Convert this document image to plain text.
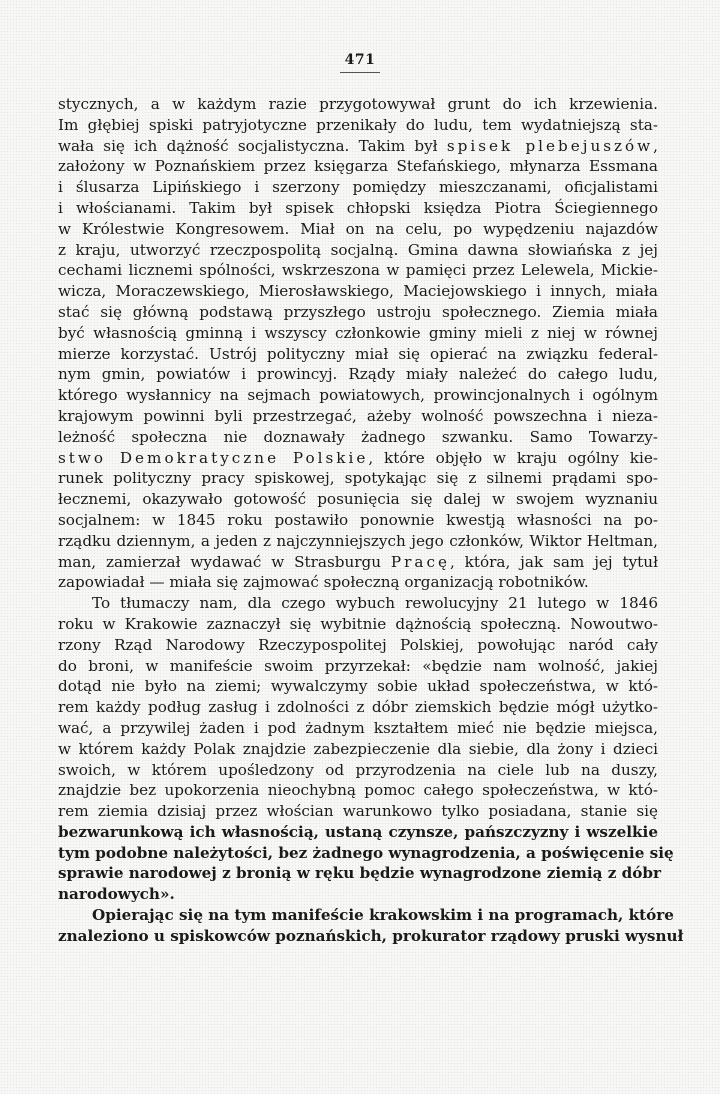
471
stycznych, a w każdym razie przygotowywał grunt do ich krzewienia.
Im głębiej spiski patryjotyczne przenikały do ludu, tem wydatniejszą sta-
wała się ich dążność socjalistyczna. Takim był spisek plebejuszów,
założony w Poznańskiem przez księgarza Stefańskiego, młynarza Essmana
i ślusarza Lipińskiego i szerzony pomiędzy mieszczanami, oficjalistami
i włościanami. Takim był spisek chłopski księdza Piotra Ściegiennego
w Królestwie Kongresowem. Miał on na celu, po wypędzeniu najazdów
z kraju, utworzyć rzeczpospolitą socjalną. Gmina dawna słowiańska z jej
cechami licznemi spólności, wskrzeszona w pamięci przez Lelewela, Mickie-
wicza, Moraczewskiego, Mierosławskiego, Maciejowskiego i innych, miała
stać się główną podstawą przyszłego ustroju społecznego. Ziemia miała
być własnością gminną i wszyscy członkowie gminy mieli z niej w równej
mierze korzystać. Ustrój polityczny miał się opierać na związku federal-
nym gmin, powiatów i prowincyj. Rządy miały należeć do całego ludu,
którego wysłannicy na sejmach powiatowych, prowincjonalnych i ogólnym
krajowym powinni byli przestrzegać, ażeby wolność powszechna i nieza-
leżność społeczna nie doznawały żadnego szwanku. Samo Towarzy-
stwo Demokratyczne Polskie, które objęło w kraju ogólny kie-
runek polityczny pracy spiskowej, spotykając się z silnemi prądami spo-
łecznemi, okazywało gotowość posunięcia się dalej w swojem wyznaniu
socjalnem: w 1845 roku postawiło ponownie kwestją własności na po-
rządku dziennym, a jeden z najczynniejszych jego członków, Wiktor Heltman,
man, zamierzał wydawać w Strasburgu Pracę, która, jak sam jej tytuł
zapowiadał — miała się zajmować społeczną organizacją robotników.
To tłumaczy nam, dla czego wybuch rewolucyjny 21 lutego w 1846
roku w Krakowie zaznaczył się wybitnie dążnością społeczną. Nowoutwo-
rzony Rząd Narodowy Rzeczypospolitej Polskiej, powołując naród cały
do broni, w manifeście swoim przyrzekał: «będzie nam wolność, jakiej
dotąd nie było na ziemi; wywalczymy sobie układ społeczeństwa, w któ-
rem każdy podług zasług i zdolności z dóbr ziemskich będzie mógł użytko-
wać, a przywilej żaden i pod żadnym kształtem mieć nie będzie miejsca,
w którem każdy Polak znajdzie zabezpieczenie dla siebie, dla żony i dzieci
swoich, w którem upośledzony od przyrodzenia na ciele lub na duszy,
znajdzie bez upokorzenia nieochybną pomoc całego społeczeństwa, w któ-
rem ziemia dzisiaj przez włościan warunkowo tylko posiadana, stanie się
bezwarunkową ich własnością, ustaną czynsze, pańszczyzny i wszelkie
tym podobne należytości, bez żadnego wynagrodzenia, a poświęcenie się
sprawie narodowej z bronią w ręku będzie wynagrodzone ziemią z dóbr
narodowych».
Opierając się na tym manifeście krakowskim i na programach, które
znaleziono u spiskowców poznańskich, prokurator rządowy pruski wysnuł
